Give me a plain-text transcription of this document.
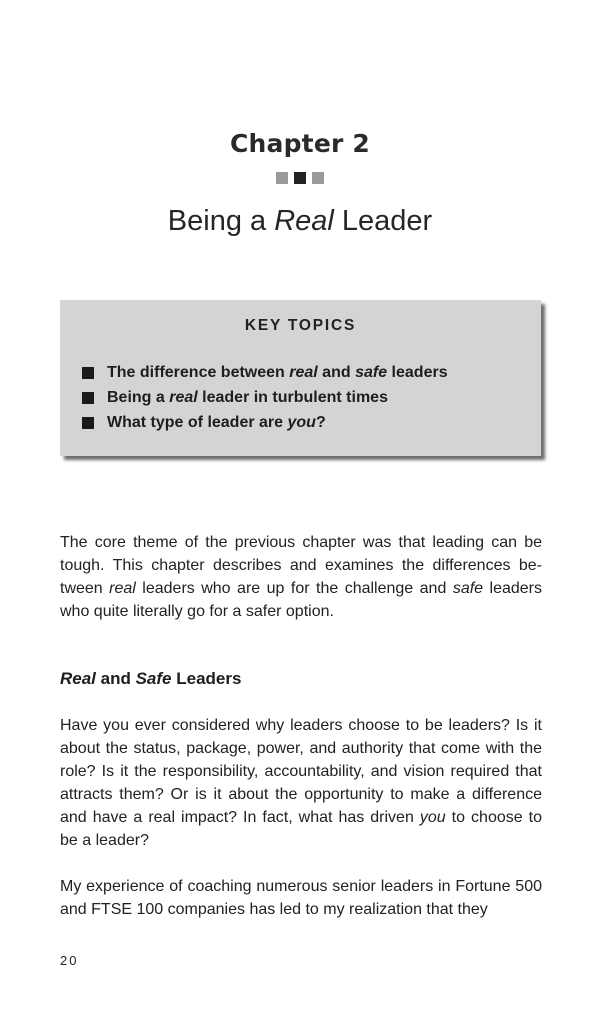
Chapter 2
Being a Real Leader
KEY TOPICS
The difference between real and safe leaders
Being a real leader in turbulent times
What type of leader are you?

The core theme of the previous chapter was that leading can be tough. This chapter describes and examines the differences be-tween real leaders who are up for the challenge and safe leaders who quite literally go for a safer option.

Real and Safe Leaders

Have you ever considered why leaders choose to be leaders? Is it about the status, package, power, and authority that come with the role? Is it the responsibility, accountability, and vision required that attracts them? Or is it about the opportunity to make a difference and have a real impact? In fact, what has driven you to choose to be a leader?

My experience of coaching numerous senior leaders in Fortune 500 and FTSE 100 companies has led to my realization that they

20
